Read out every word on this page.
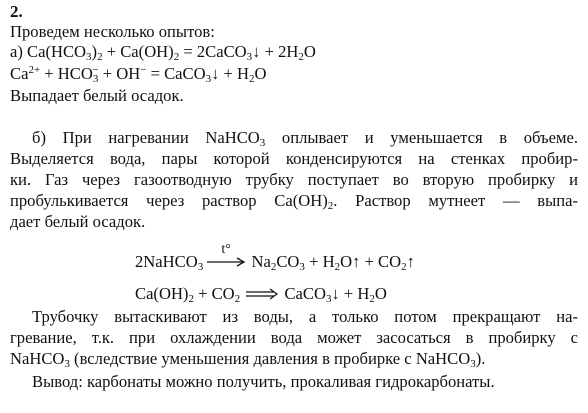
2.
Проведем несколько опытов:
а) $Ca(HCO_3)_2 + Ca(OH)_2$ = 2CaCO$_3$↓ + $2H_2O$
$Ca^{2+} + HCO_3^- + OH^-$ = CaCO$_3$↓ + $H_2O$
Выпадает белый осадок.
б) При нагревании NaHCO$_3$ оплывает и уменьшается в объеме.
Выделяется вода, пары которой конденсируются на стенках пробир-
ки. Газ через газоотводную трубку поступает во вторую пробирку и
пробулькивается через раствор $Ca(OH)_2$. Раствор мутнеет — выпа-
дает белый осадок.
2NaHCO$_3$
t°
$Na_2CO_3$ + $H_2O↑$ + $CO_2↑$
$Ca(OH)_2 + CO_2$	CaCO$_3$↓ + $H_2O$
Трубочку вытаскивают из воды, а только потом прекращают на-
гревание, т.к. при охлаждении вода может засосаться в пробирку с
NaHCO$_3$ (вследствие уменьшения давления в пробирке с NaHCO$_3$).
Вывод: карбонаты можно получить, прокаливая гидрокарбонаты.
